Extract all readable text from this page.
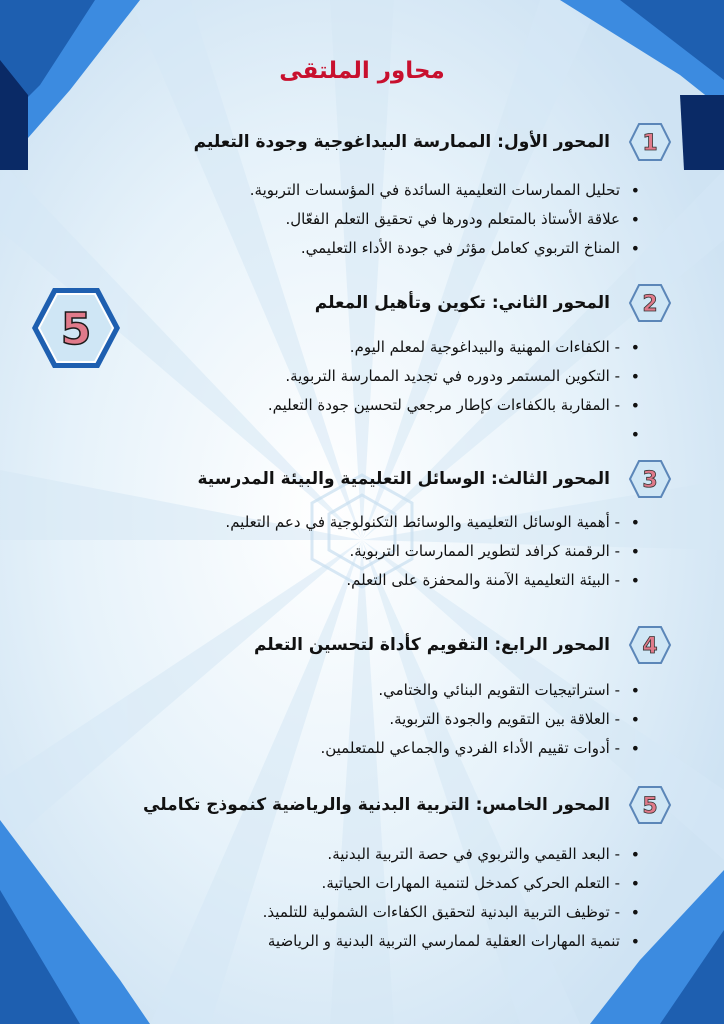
محاور الملتقى
5
1
المحور الأول: الممارسة البيداغوجية وجودة التعليم
• تحليل الممارسات التعليمية السائدة في المؤسسات التربوية.
• علاقة الأستاذ بالمتعلم ودورها في تحقيق التعلم الفعّال.
• المناخ التربوي كعامل مؤثر في جودة الأداء التعليمي.
2
المحور الثاني: تكوين وتأهيل المعلم
• - الكفاءات المهنية والبيداغوجية لمعلم اليوم.
• - التكوين المستمر ودوره في تجديد الممارسة التربوية.
• - المقاربة بالكفاءات كإطار مرجعي لتحسين جودة التعليم.
3
المحور الثالث: الوسائل التعليمية والبيئة المدرسية
• - أهمية الوسائل التعليمية والوسائط التكنولوجية في دعم التعليم.
• - الرقمنة كرافد لتطوير الممارسات التربوية.
• - البيئة التعليمية الآمنة والمحفزة على التعلم.
4
المحور الرابع: التقويم كأداة لتحسين التعلم
• - استراتيجيات التقويم البنائي والختامي.
• - العلاقة بين التقويم والجودة التربوية.
• - أدوات تقييم الأداء الفردي والجماعي للمتعلمين.
5
المحور الخامس: التربية البدنية والرياضية كنموذج تكاملي
• - البعد القيمي والتربوي في حصة التربية البدنية.
• - التعلم الحركي كمدخل لتنمية المهارات الحياتية.
• - توظيف التربية البدنية لتحقيق الكفاءات الشمولية للتلميذ.
• تنمية المهارات العقلية لممارسي التربية البدنية و الرياضية
